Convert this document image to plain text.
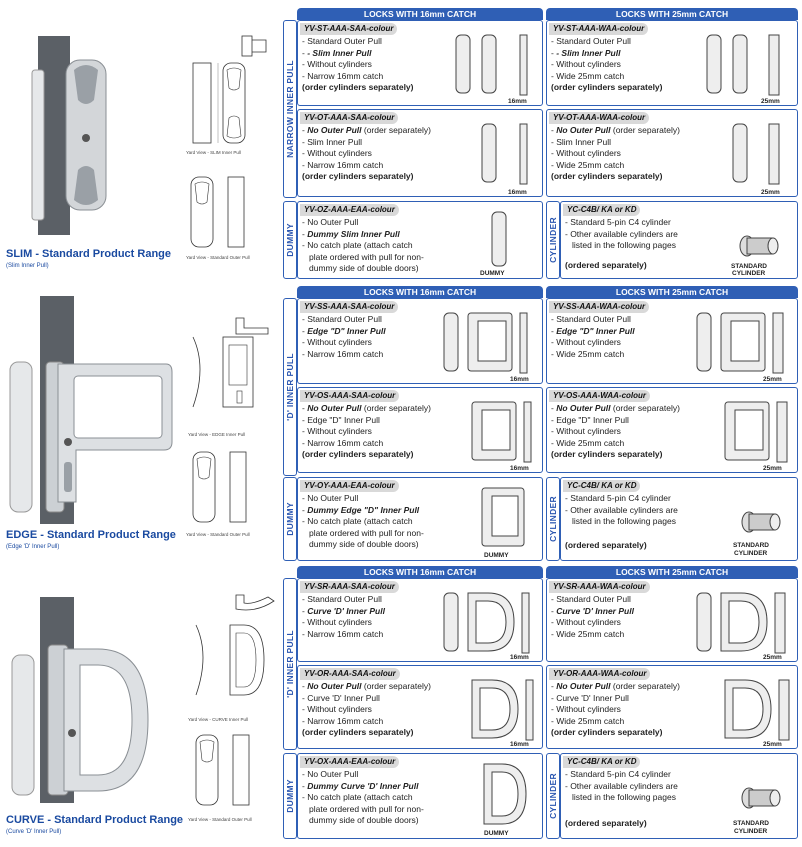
Yard View - SLIM Inner Pull
Yard View - Standard Outer Pull
SLIM - Standard Product Range
(Slim Inner Pull)
Yard View - EDGE Inner Pull
Yard View - Standard Outer Pull
EDGE - Standard Product Range
(Edge 'D' Inner Pull)
Yard View - CURVE Inner Pull
Yard View - Standard Outer Pull
CURVE - Standard Product Range
(Curve 'D' Inner Pull)
NARROW INNER PULL
LOCKS WITH 16mm CATCH	LOCKS WITH 25mm CATCH
YV-ST-AAA-SAA-colour
- Standard Outer Pull
- - Slim Inner Pull
- Without cylinders
- Narrow 16mm catch
(order cylinders separately)
16mm
YV-ST-AAA-WAA-colour
- Standard Outer Pull
- - Slim Inner Pull
- Without cylinders
- Wide 25mm catch
(order cylinders separately)
25mm
YV-OT-AAA-SAA-colour
- No Outer Pull (order separately)
- Slim Inner Pull
- Without cylinders
- Narrow 16mm catch
(order cylinders separately)
16mm
YV-OT-AAA-WAA-colour
- No Outer Pull (order separately)
- Slim Inner Pull
- Without cylinders
- Wide 25mm catch
(order cylinders separately)
25mm
DUMMY
YV-OZ-AAA-EAA-colour
- No Outer Pull
- Dummy Slim Inner Pull
- No catch plate (attach catch
plate ordered with pull for non-
dummy side of double doors)
DUMMY
CYLINDER
YC-C4B/ KA or KD
- Standard 5-pin C4 cylinder
- Other available cylinders are
listed in the following pages
(ordered separately)	STANDARD
CYLINDER
'D' INNER PULL
LOCKS WITH 16mm CATCH	LOCKS WITH 25mm CATCH
YV-SS-AAA-SAA-colour
- Standard Outer Pull
- Edge "D" Inner Pull
- Without cylinders
- Narrow 16mm catch
16mm
YV-SS-AAA-WAA-colour
- Standard Outer Pull
- Edge "D" Inner Pull
- Without cylinders
- Wide 25mm catch
25mm
YV-OS-AAA-SAA-colour
- No Outer Pull (order separately)
- Edge "D" Inner Pull
- Without cylinders
- Narrow 16mm catch
(order cylinders separately)
16mm
YV-OS-AAA-WAA-colour
- No Outer Pull (order separately)
- Edge "D" Inner Pull
- Without cylinders
- Wide 25mm catch
(order cylinders separately)
25mm
DUMMY
YV-OY-AAA-EAA-colour
- No Outer Pull
- Dummy Edge "D" Inner Pull
- No catch plate (attach catch
plate ordered with pull for non-
dummy side of double doors)
DUMMY
CYLINDER
YC-C4B/ KA or KD
- Standard 5-pin C4 cylinder
- Other available cylinders are
listed in the following pages
(ordered separately)	STANDARD
CYLINDER
'D' INNER PULL
LOCKS WITH 16mm CATCH	LOCKS WITH 25mm CATCH
YV-SR-AAA-SAA-colour
- Standard Outer Pull
- Curve 'D' Inner Pull
- Without cylinders
- Narrow 16mm catch
16mm
YV-SR-AAA-WAA-colour
- Standard Outer Pull
- Curve 'D' Inner Pull
- Without cylinders
- Wide 25mm catch
25mm
YV-OR-AAA-SAA-colour
- No Outer Pull (order separately)
- Curve 'D' Inner Pull
- Without cylinders
- Narrow 16mm catch
(order cylinders separately)
16mm
YV-OR-AAA-WAA-colour
- No Outer Pull (order separately)
- Curve 'D' Inner Pull
- Without cylinders
- Wide 25mm catch
(order cylinders separately)
25mm
DUMMY
YV-OX-AAA-EAA-colour
- No Outer Pull
- Dummy Curve 'D' Inner Pull
- No catch plate (attach catch
plate ordered with pull for non-
dummy side of double doors)
DUMMY
CYLINDER
YC-C4B/ KA or KD
- Standard 5-pin C4 cylinder
- Other available cylinders are
listed in the following pages
(ordered separately)	STANDARD
CYLINDER
